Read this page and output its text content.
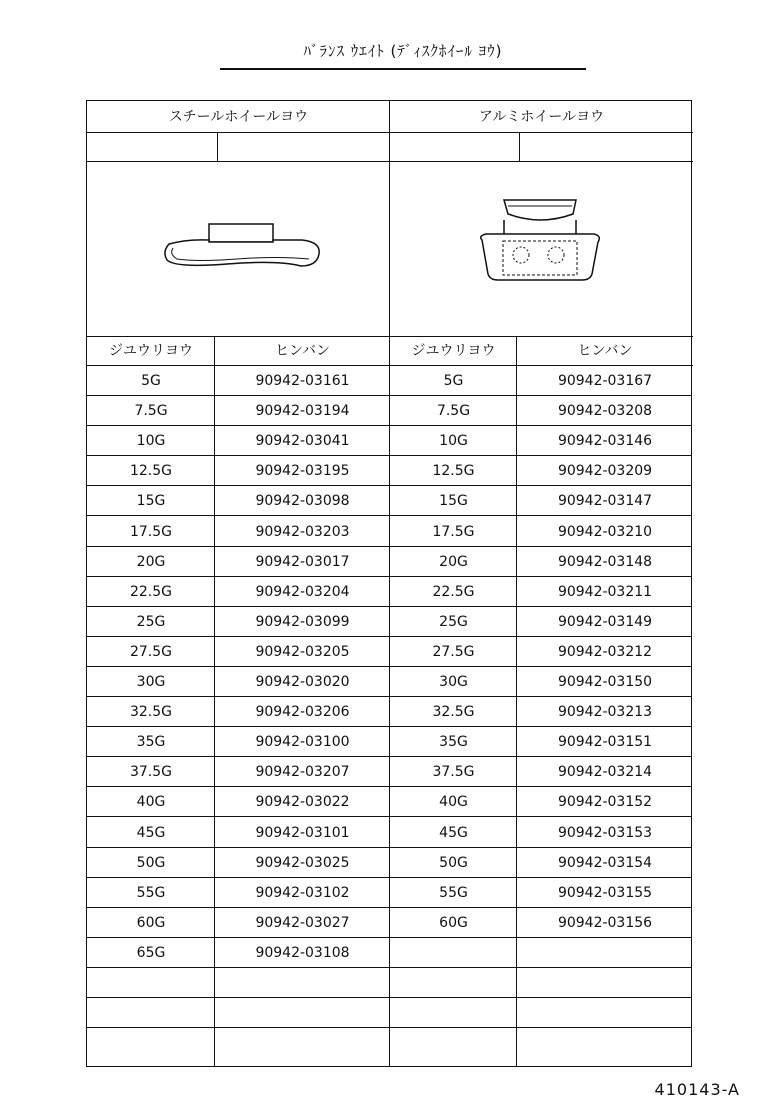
ﾊﾞﾗﾝｽ ｳｴｲﾄ (ﾃﾞｨｽｸﾎｲｰﾙ ﾖｳ)
スチールホイールヨウ	アルミホイールヨウ
ジユウリヨウ	ヒンバン	ジユウリヨウ	ヒンバン
5G	90942-03161	5G	90942-03167
7.5G	90942-03194	7.5G	90942-03208
10G	90942-03041	10G	90942-03146
12.5G	90942-03195	12.5G	90942-03209
15G	90942-03098	15G	90942-03147
17.5G	90942-03203	17.5G	90942-03210
20G	90942-03017	20G	90942-03148
22.5G	90942-03204	22.5G	90942-03211
25G	90942-03099	25G	90942-03149
27.5G	90942-03205	27.5G	90942-03212
30G	90942-03020	30G	90942-03150
32.5G	90942-03206	32.5G	90942-03213
35G	90942-03100	35G	90942-03151
37.5G	90942-03207	37.5G	90942-03214
40G	90942-03022	40G	90942-03152
45G	90942-03101	45G	90942-03153
50G	90942-03025	50G	90942-03154
55G	90942-03102	55G	90942-03155
60G	90942-03027	60G	90942-03156
65G	90942-03108
410143-A
